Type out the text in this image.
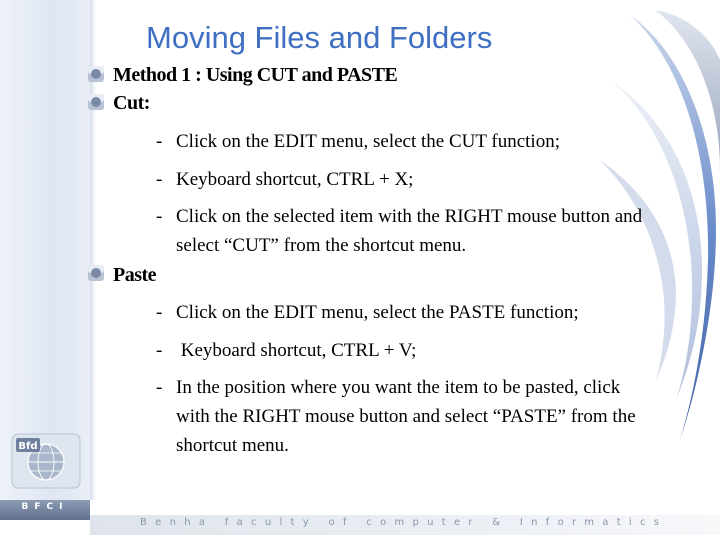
BFCI
Benha faculty of computer & Informatics
Bfd
Moving Files and Folders
Method 1 : Using CUT and PASTE
Cut:
- Click on the EDIT menu, select the CUT function;
- Keyboard shortcut, CTRL + X;
- Click on the selected item with the RIGHT mouse button and select “CUT” from the shortcut menu.
Paste
- Click on the EDIT menu, select the PASTE function;
- Keyboard shortcut, CTRL + V;
- In the position where you want the item to be pasted, click with the RIGHT mouse button and select “PASTE” from the shortcut menu.
